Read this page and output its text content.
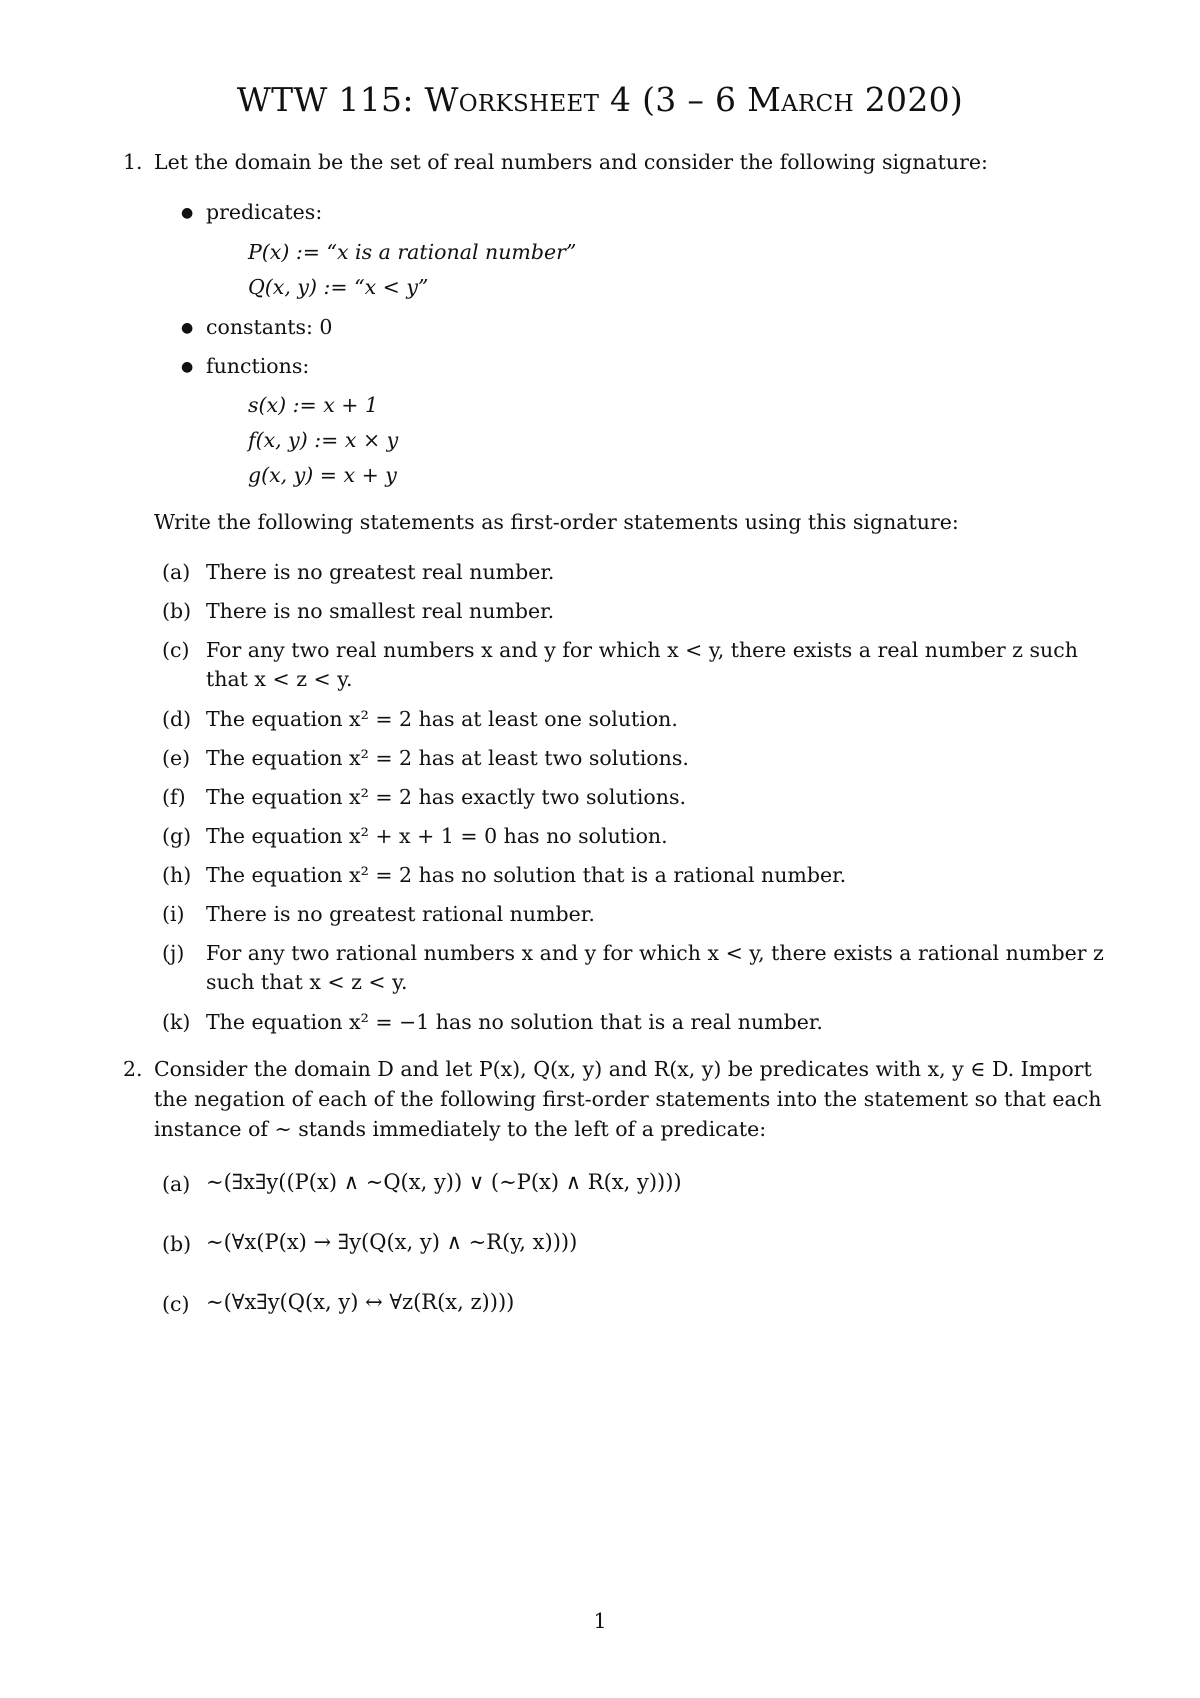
WTW 115: Worksheet 4 (3 – 6 March 2020)
1. Let the domain be the set of real numbers and consider the following signature:
● predicates:
P(x) := “x is a rational number”
Q(x, y) := “x < y”
● constants: 0
● functions:
s(x) := x + 1
f(x, y) := x × y
g(x, y) = x + y
Write the following statements as first-order statements using this signature:
(a) There is no greatest real number.
(b) There is no smallest real number.
(c) For any two real numbers x and y for which x < y, there exists a real number z such
that x < z < y.
(d) The equation x² = 2 has at least one solution.
(e) The equation x² = 2 has at least two solutions.
(f) The equation x² = 2 has exactly two solutions.
(g) The equation x² + x + 1 = 0 has no solution.
(h) The equation x² = 2 has no solution that is a rational number.
(i)	There is no greatest rational number.
(j)	For any two rational numbers x and y for which x < y, there exists a rational number z
such that x < z < y.
(k) The equation x² = −1 has no solution that is a real number.
2. Consider the domain D and let P(x), Q(x, y) and R(x, y) be predicates with x, y ∈ D. Import
the negation of each of the following first-order statements into the statement so that each
instance of ∼ stands immediately to the left of a predicate:
(a) ∼(∃x∃y((P(x) ∧ ∼Q(x, y)) ∨ (∼P(x) ∧ R(x, y))))
(b) ∼(∀x(P(x) → ∃y(Q(x, y) ∧ ∼R(y, x))))
(c) ∼(∀x∃y(Q(x, y) ↔ ∀z(R(x, z))))
1
